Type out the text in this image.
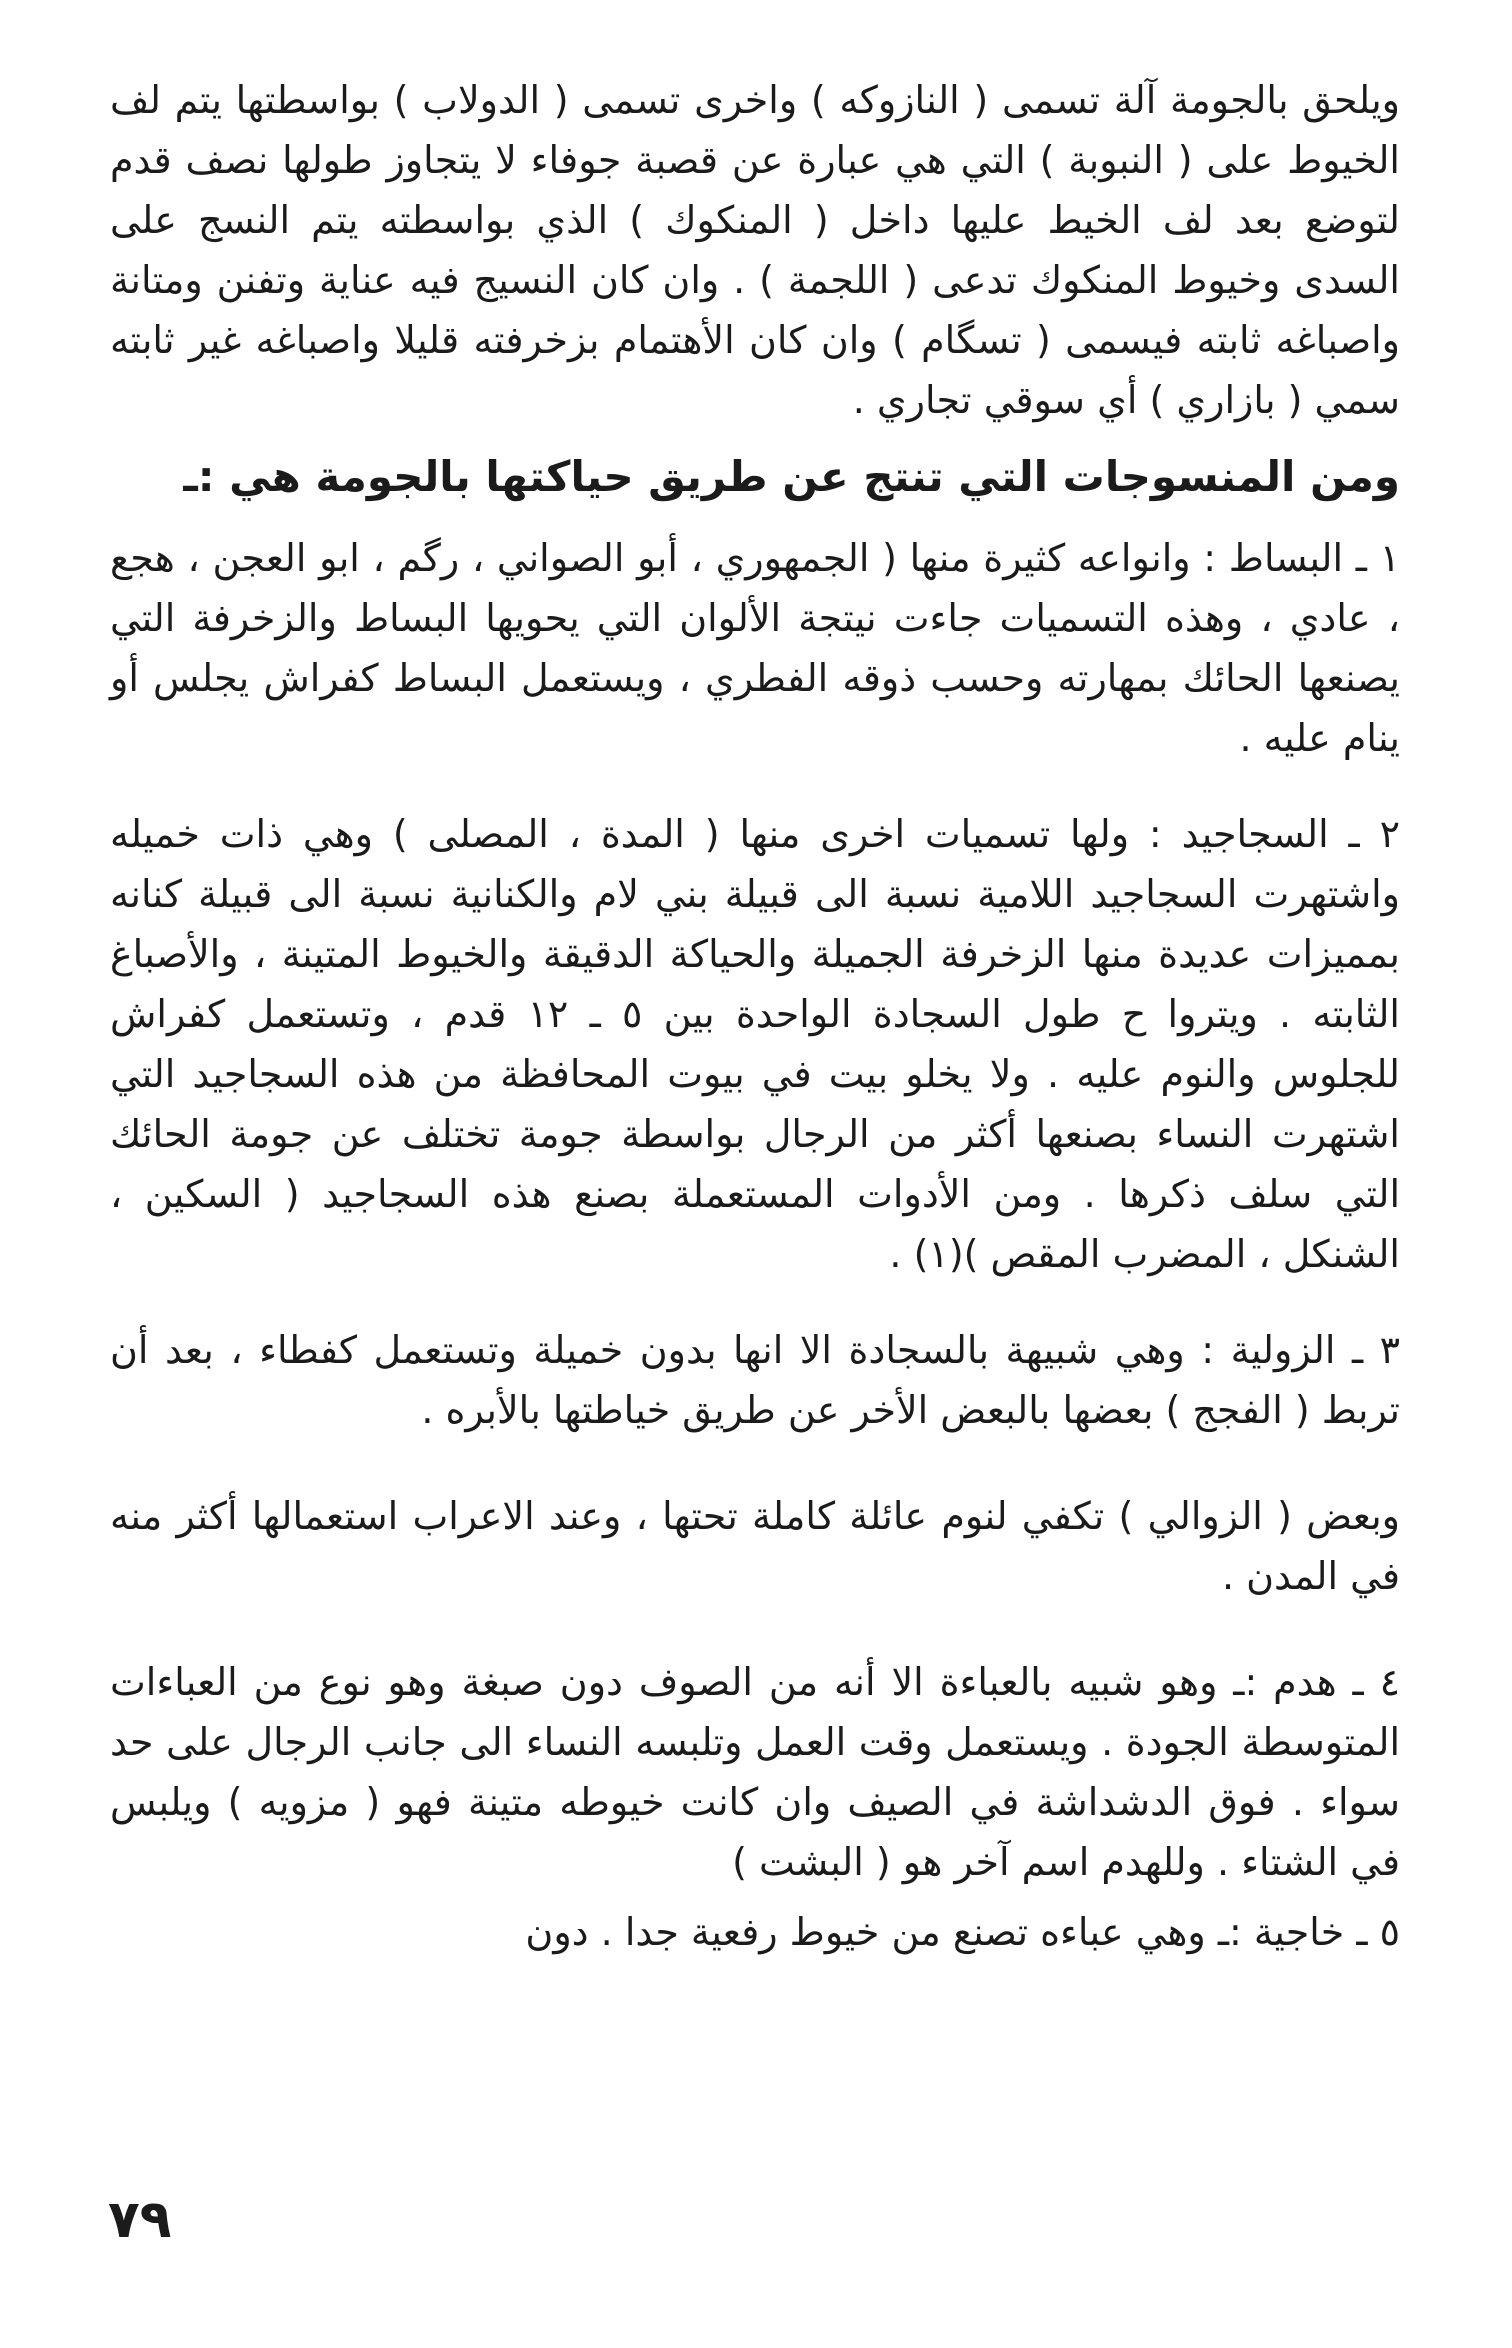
ويلحق بالجومة آلة تسمى ( النازوكه ) واخرى تسمى ( الدولاب ) بواسطتها يتم لف الخيوط على ( النبوبة ) التي هي عبارة عن قصبة جوفاء لا يتجاوز طولها نصف قدم لتوضع بعد لف الخيط عليها داخل ( المنكوك ) الذي بواسطته يتم النسج على السدى وخيوط المنكوك تدعى ( اللجمة ) . وان كان النسيج فيه عناية وتفنن ومتانة واصباغه ثابته فيسمى ( تسگام ) وان كان الأهتمام بزخرفته قليلا واصباغه غير ثابته سمي ( بازاري ) أي سوقي تجاري .

ومن المنسوجات التي تنتج عن طريق حياكتها بالجومة هي :ـ

١ ـ البساط : وانواعه كثيرة منها ( الجمهوري ، أبو الصواني ، رگم ، ابو العجن ، هجع ، عادي ، وهذه التسميات جاءت نيتجة الألوان التي يحويها البساط والزخرفة التي يصنعها الحائك بمهارته وحسب ذوقه الفطري ، ويستعمل البساط كفراش يجلس أو ينام عليه .

٢ ـ السجاجيد : ولها تسميات اخرى منها ( المدة ، المصلى ) وهي ذات خميله واشتهرت السجاجيد اللامية نسبة الى قبيلة بني لام والكنانية نسبة الى قبيلة كنانه بمميزات عديدة منها الزخرفة الجميلة والحياكة الدقيقة والخيوط المتينة ، والأصباغ الثابته . ويتروا ح طول السجادة الواحدة بين ٥ ـ ١٢ قدم ، وتستعمل كفراش للجلوس والنوم عليه . ولا يخلو بيت في بيوت المحافظة من هذه السجاجيد التي اشتهرت النساء بصنعها أكثر من الرجال بواسطة جومة تختلف عن جومة الحائك التي سلف ذكرها . ومن الأدوات المستعملة بصنع هذه السجاجيد ( السكين ، الشنكل ، المضرب المقص )(١) .

٣ ـ الزولية : وهي شبيهة بالسجادة الا انها بدون خميلة وتستعمل كفطاء ، بعد أن تربط ( الفجج ) بعضها بالبعض الأخر عن طريق خياطتها بالأبره .

وبعض ( الزوالي ) تكفي لنوم عائلة كاملة تحتها ، وعند الاعراب استعمالها أكثر منه في المدن .

٤ ـ هدم :ـ وهو شبيه بالعباءة الا أنه من الصوف دون صبغة وهو نوع من العباءات المتوسطة الجودة . ويستعمل وقت العمل وتلبسه النساء الى جانب الرجال على حد سواء . فوق الدشداشة في الصيف وان كانت خيوطه متينة فهو ( مزويه ) ويلبس في الشتاء . وللهدم اسم آخر هو ( البشت )

٥ ـ خاجية :ـ وهي عباءه تصنع من خيوط رفعية جدا . دون

٧٩
